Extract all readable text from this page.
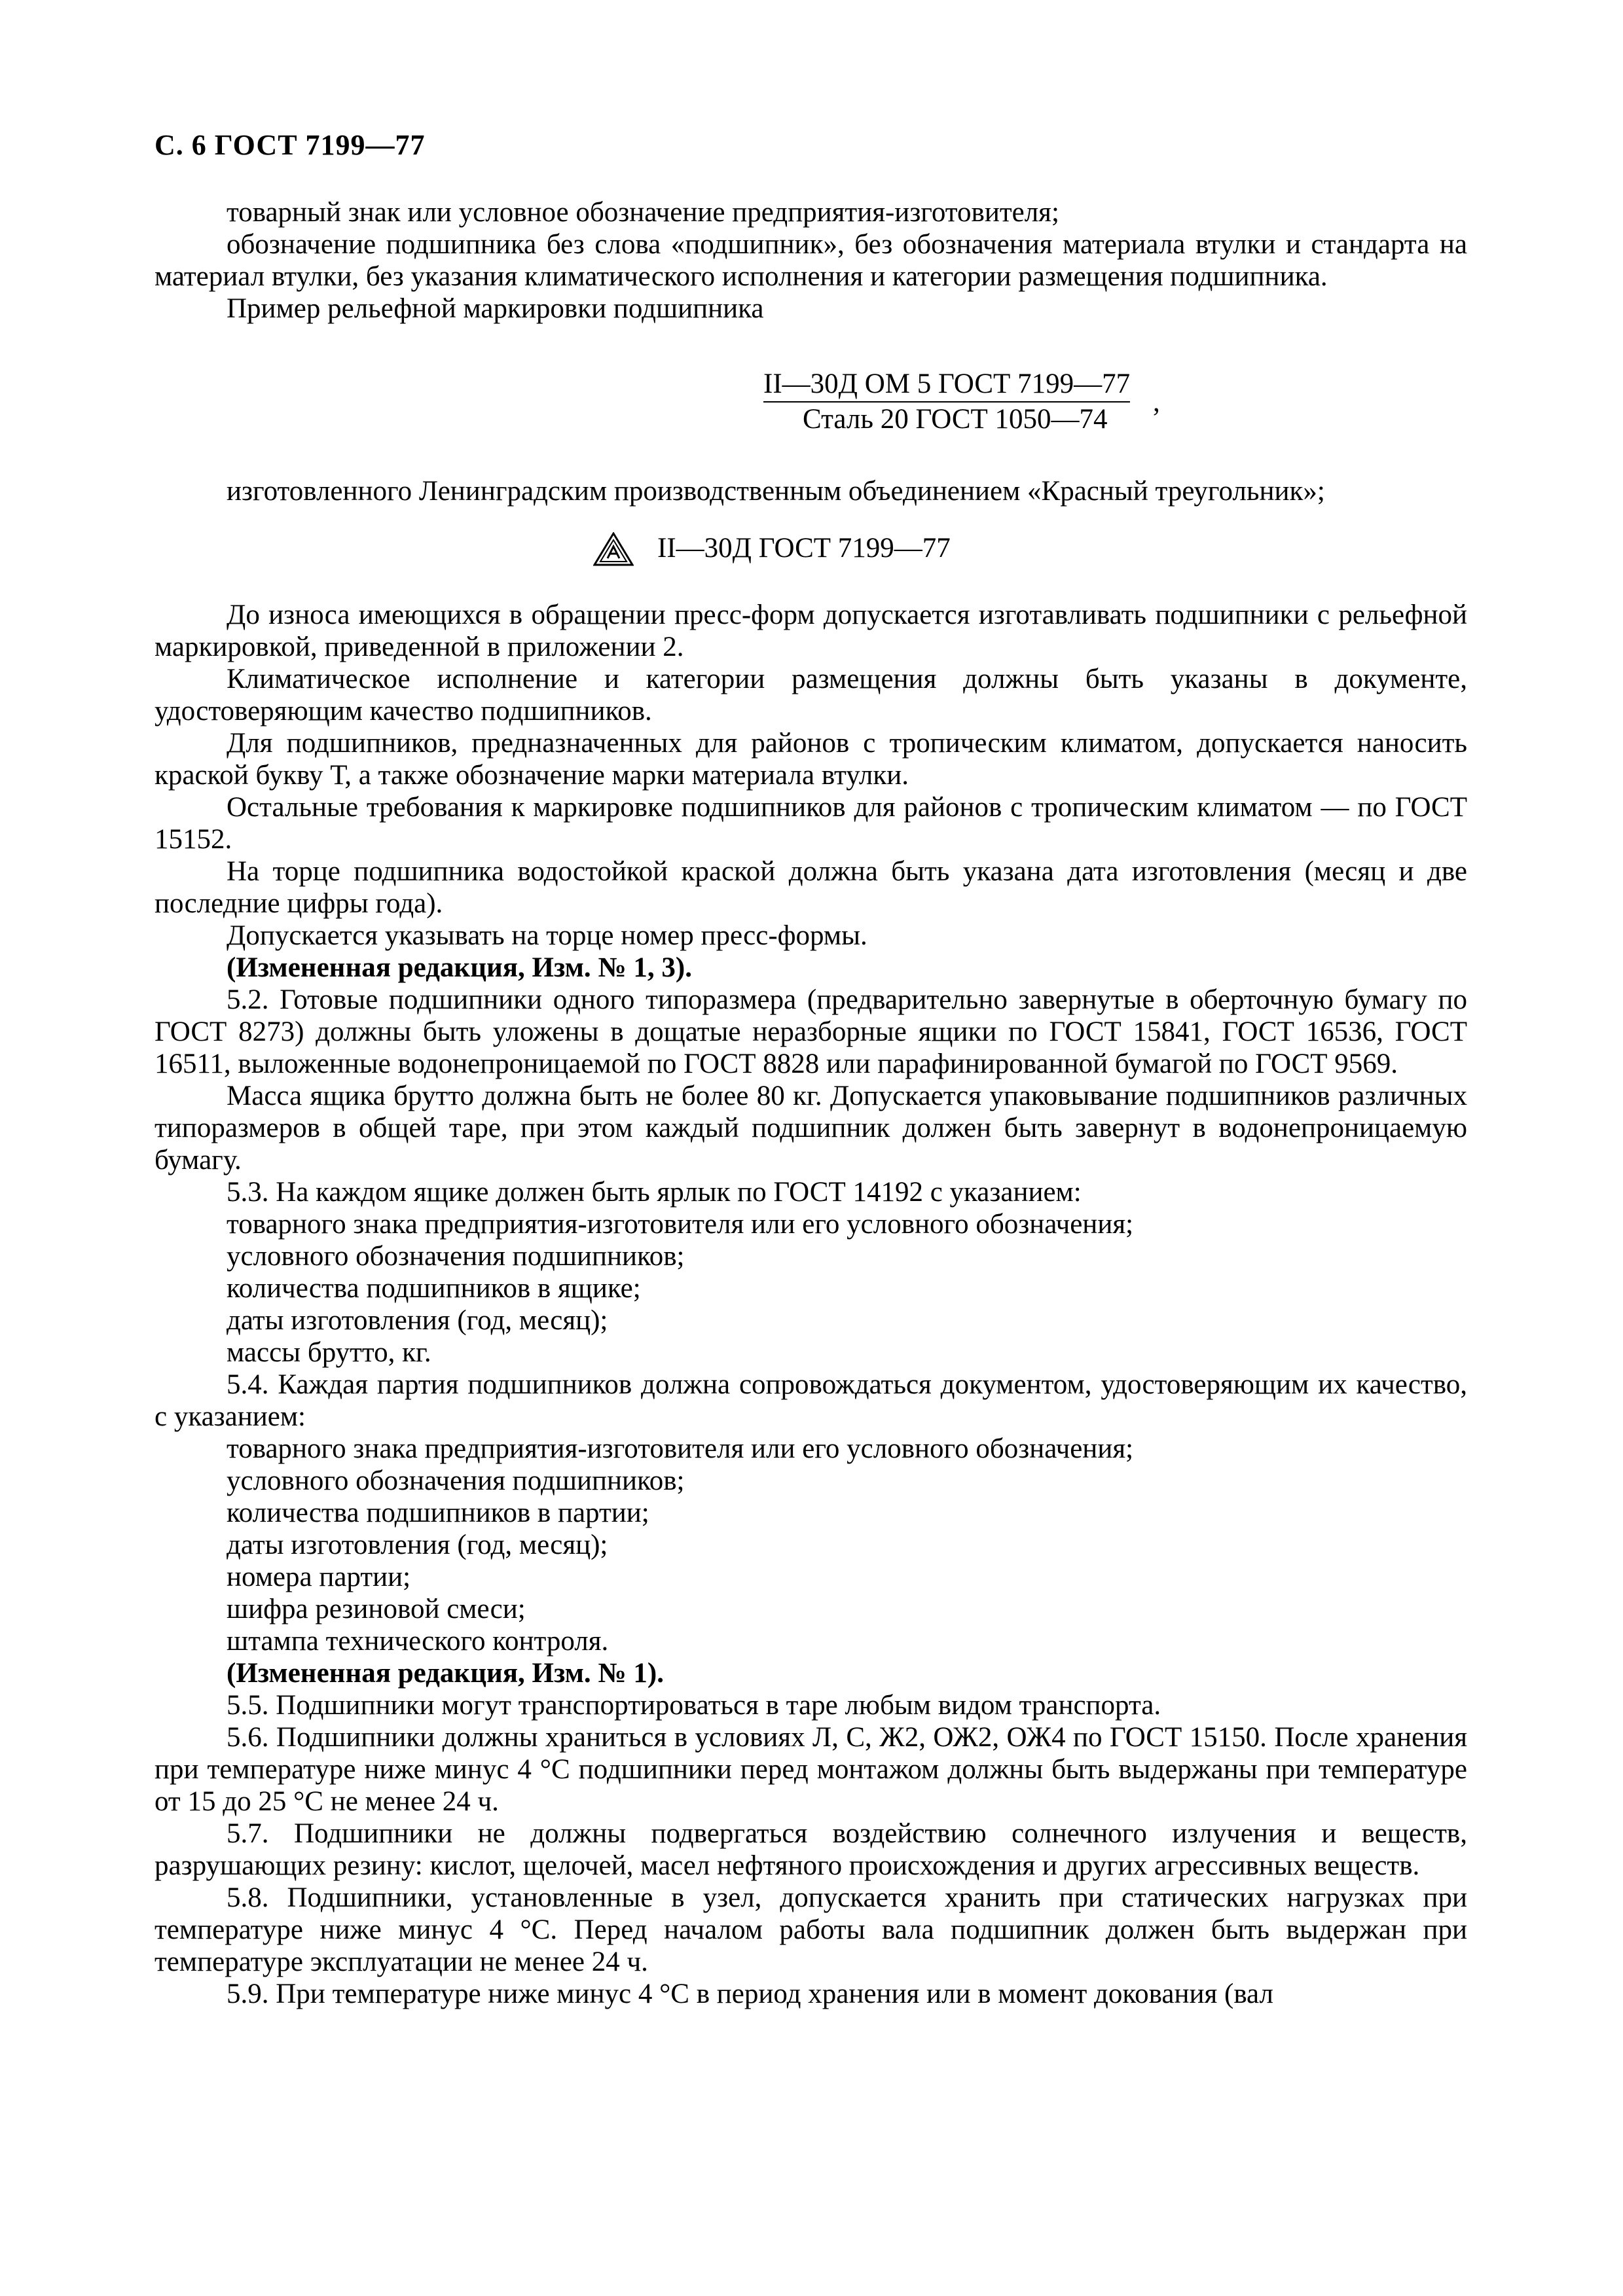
С. 6 ГОСТ 7199—77

товарный знак или условное обозначение предприятия-изготовителя;

обозначение подшипника без слова «подшипник», без обозначения материала втулки и стандарта на материал втулки, без указания климатического исполнения и категории размещения подшипника.

Пример рельефной маркировки подшипника

II—30Д ОМ 5 ГОСТ 7199—77
Сталь 20 ГОСТ 1050—74
,

изготовленного Ленинградским производственным объединением «Красный треугольник»;

II—30Д ГОСТ 7199—77

До износа имеющихся в обращении пресс-форм допускается изготавливать подшипники с рельефной маркировкой, приведенной в приложении 2.

Климатическое исполнение и категории размещения должны быть указаны в документе, удостоверяющим качество подшипников.

Для подшипников, предназначенных для районов с тропическим климатом, допускается наносить краской букву Т, а также обозначение марки материала втулки.

Остальные требования к маркировке подшипников для районов с тропическим климатом — по ГОСТ 15152.

На торце подшипника водостойкой краской должна быть указана дата изготовления (месяц и две последние цифры года).

Допускается указывать на торце номер пресс-формы.

(Измененная редакция, Изм. № 1, 3).

5.2. Готовые подшипники одного типоразмера (предварительно завернутые в оберточную бумагу по ГОСТ 8273) должны быть уложены в дощатые неразборные ящики по ГОСТ 15841, ГОСТ 16536, ГОСТ 16511, выложенные водонепроницаемой по ГОСТ 8828 или парафинированной бумагой по ГОСТ 9569.

Масса ящика брутто должна быть не более 80 кг. Допускается упаковывание подшипников различных типоразмеров в общей таре, при этом каждый подшипник должен быть завернут в водонепроницаемую бумагу.

5.3. На каждом ящике должен быть ярлык по ГОСТ 14192 с указанием:

товарного знака предприятия-изготовителя или его условного обозначения;

условного обозначения подшипников;

количества подшипников в ящике;

даты изготовления (год, месяц);

массы брутто, кг.

5.4. Каждая партия подшипников должна сопровождаться документом, удостоверяющим их качество, с указанием:

товарного знака предприятия-изготовителя или его условного обозначения;

условного обозначения подшипников;

количества подшипников в партии;

даты изготовления (год, месяц);

номера партии;

шифра резиновой смеси;

штампа технического контроля.

(Измененная редакция, Изм. № 1).

5.5. Подшипники могут транспортироваться в таре любым видом транспорта.

5.6. Подшипники должны храниться в условиях Л, С, Ж2, ОЖ2, ОЖ4 по ГОСТ 15150. После хранения при температуре ниже минус 4 °С подшипники перед монтажом должны быть выдержаны при температуре от 15 до 25 °С не менее 24 ч.

5.7. Подшипники не должны подвергаться воздействию солнечного излучения и веществ, разрушающих резину: кислот, щелочей, масел нефтяного происхождения и других агрессивных веществ.

5.8. Подшипники, установленные в узел, допускается хранить при статических нагрузках при температуре ниже минус 4 °С. Перед началом работы вала подшипник должен быть выдержан при температуре эксплуатации не менее 24 ч.

5.9. При температуре ниже минус 4 °С в период хранения или в момент докования (вал
